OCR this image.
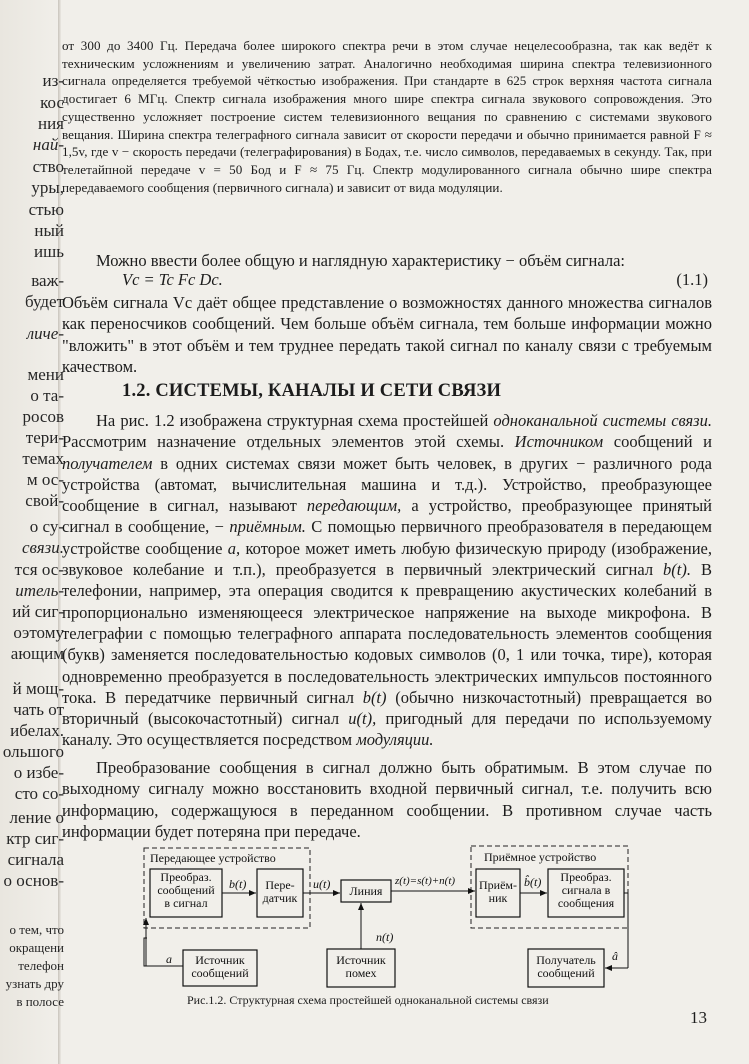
из-
кос
ния
най-
ство
уры,
стью
ный
ишь
важ-
будет
личе-
мени
о та-
росов
тери-
темах
м ос-
свой-
о су-
связи.
тся ос-
итель-
ий сиг-
оэтому
ающим
й мощ-
чать от
ибелах.
ольшого
о избе-
сто со-
ление о
ктр сиг-
сигнала
о основ-
о тем, что
окращени
телефон
узнать дру
в полосе
от 300 до 3400 Гц. Передача более широкого спектра речи в этом случае нецелесообразна, так как ведёт к техническим усложнениям и увеличению затрат. Аналогично необходимая ширина спектра телевизионного сигнала определяется требуемой чёткостью изображения. При стандарте в 625 строк верхняя частота сигнала достигает 6 МГц. Спектр сигнала изображения много шире спектра сигнала звукового сопровождения. Это существенно усложняет построение систем телевизионного вещания по сравнению с системами звукового вещания. Ширина спектра телеграфного сигнала зависит от скорости передачи и обычно принимается равной F ≈ 1,5v, где v − скорость передачи (телеграфирования) в Бодах, т.е. число символов, передаваемых в секунду. Так, при телетайпной передаче v = 50 Бод и F ≈ 75 Гц. Спектр модулированного сигнала обычно шире спектра передаваемого сообщения (первичного сигнала) и зависит от вида модуляции.
Можно ввести более общую и наглядную характеристику − объём сигнала:
Vc = Tc Fc Dc.	(1.1)
Объём сигнала Vc даёт общее представление о возможностях данного множества сигналов как переносчиков сообщений. Чем больше объём сигнала, тем больше информации можно "вложить" в этот объём и тем труднее передать такой сигнал по каналу связи с требуемым качеством.
1.2. СИСТЕМЫ, КАНАЛЫ И СЕТИ СВЯЗИ
На рис. 1.2 изображена структурная схема простейшей одноканальной системы связи. Рассмотрим назначение отдельных элементов этой схемы. Источником сообщений и получателем в одних системах связи может быть человек, в других − различного рода устройства (автомат, вычислительная машина и т.д.). Устройство, преобразующее сообщение в сигнал, называют передающим, а устройство, преобразующее принятый сигнал в сообщение, − приёмным. С помощью первичного преобразователя в передающем устройстве сообщение a, которое может иметь любую физическую природу (изображение, звуковое колебание и т.п.), преобразуется в первичный электрический сигнал b(t). В телефонии, например, эта операция сводится к превращению акустических колебаний в пропорционально изменяющееся электрическое напряжение на выходе микрофона. В телеграфии с помощью телеграфного аппарата последовательность элементов сообщения (букв) заменяется последовательностью кодовых символов (0, 1 или точка, тире), которая одновременно преобразуется в последовательность электрических импульсов постоянного тока. В передатчике первичный сигнал b(t) (обычно низкочастотный) превращается во вторичный (высокочастотный) сигнал u(t), пригодный для передачи по используемому каналу. Это осуществляется посредством модуляции.
Преобразование сообщения в сигнал должно быть обратимым. В этом случае по выходному сигналу можно восстановить входной первичный сигнал, т.е. получить всю информацию, содержащуюся в переданном сообщении. В противном случае часть информации будет потеряна при передаче.
Передающее устройство	Приёмное устройство
Преобраз.
сообщений
в сигнал
Пере-
датчик	Линия	Приём-
ник
Преобраз.
сигнала в
сообщения
Источник
сообщений
Источник
помех
Получатель
сообщений
b(t)	u(t)	z(t)=s(t)+n(t)	b̂(t)
a
n(t)
â
Рис.1.2. Структурная схема простейшей одноканальной системы связи
13
